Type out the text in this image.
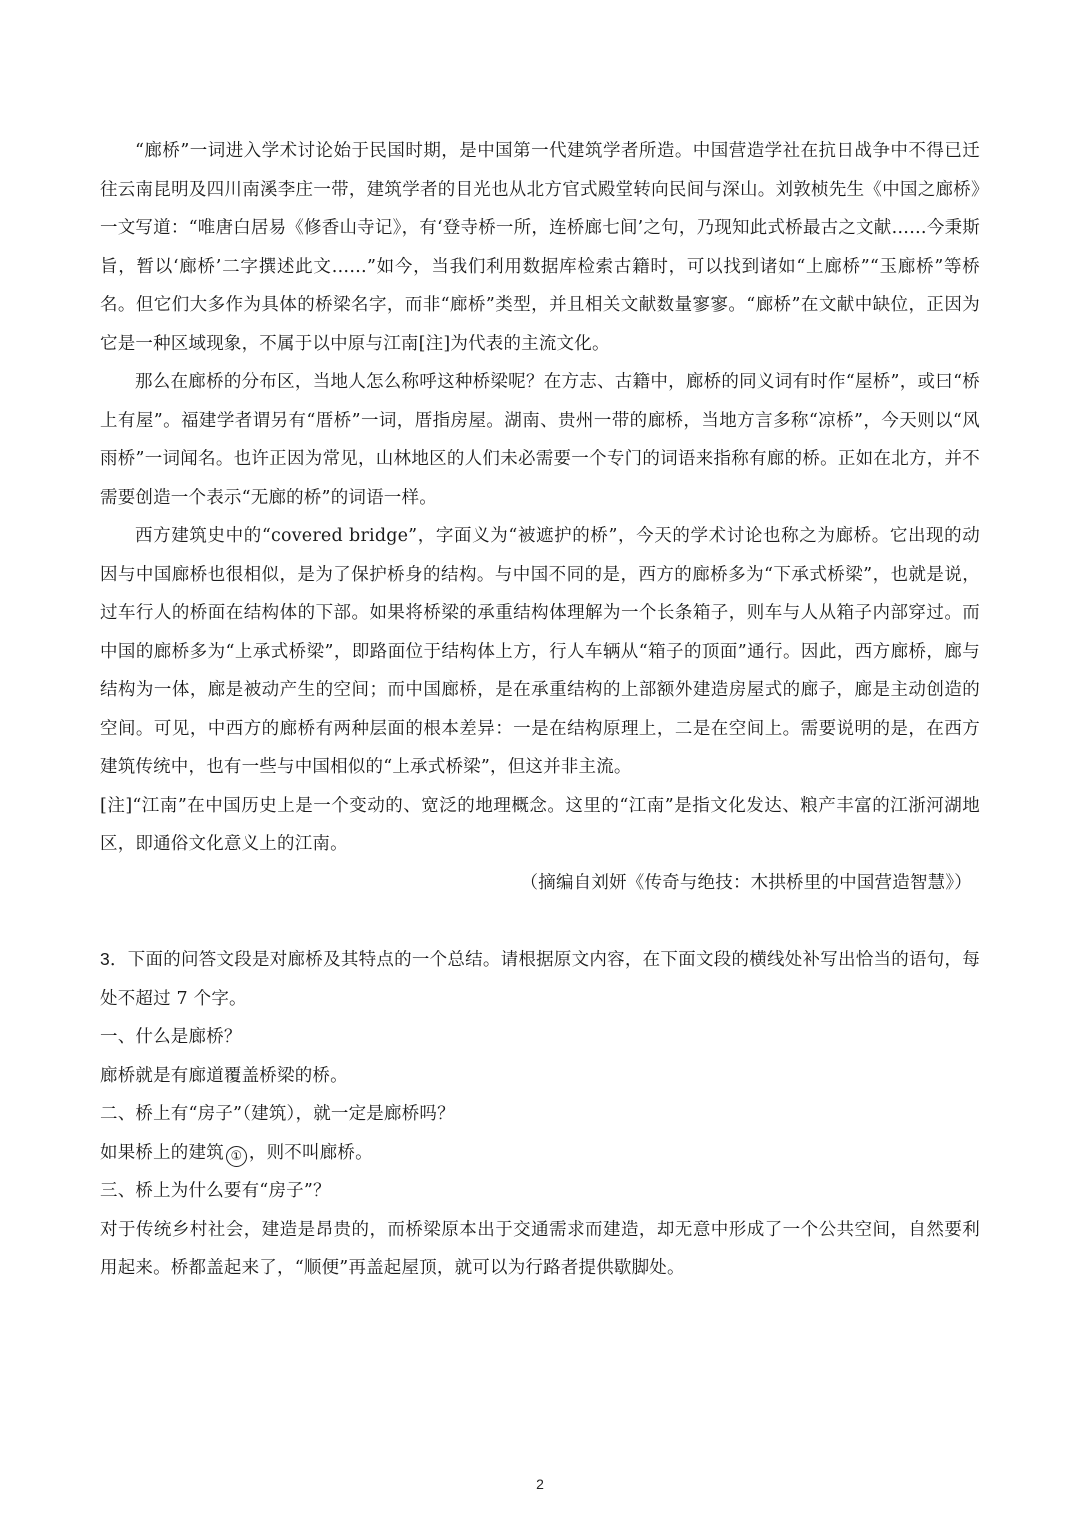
“廊桥”一词进入学术讨论始于民国时期，是中国第一代建筑学者所造。中国营造学社在抗日战争中不得已迁往云南昆明及四川南溪李庄一带，建筑学者的目光也从北方官式殿堂转向民间与深山。刘敦桢先生《中国之廊桥》一文写道：“唯唐白居易《修香山寺记》，有‘登寺桥一所，连桥廊七间’之句，乃现知此式桥最古之文献……今秉斯旨，暂以‘廊桥’二字撰述此文……”如今，当我们利用数据库检索古籍时，可以找到诸如“上廊桥”“玉廊桥”等桥名。但它们大多作为具体的桥梁名字，而非“廊桥”类型，并且相关文献数量寥寥。“廊桥”在文献中缺位，正因为它是一种区域现象，不属于以中原与江南[注]为代表的主流文化。

那么在廊桥的分布区，当地人怎么称呼这种桥梁呢？在方志、古籍中，廊桥的同义词有时作“屋桥”，或曰“桥上有屋”。福建学者谓另有“厝桥”一词，厝指房屋。湖南、贵州一带的廊桥，当地方言多称“凉桥”，今天则以“风雨桥”一词闻名。也许正因为常见，山林地区的人们未必需要一个专门的词语来指称有廊的桥。正如在北方，并不需要创造一个表示“无廊的桥”的词语一样。

西方建筑史中的“covered bridge”，字面义为“被遮护的桥”，今天的学术讨论也称之为廊桥。它出现的动因与中国廊桥也很相似，是为了保护桥身的结构。与中国不同的是，西方的廊桥多为“下承式桥梁”，也就是说，过车行人的桥面在结构体的下部。如果将桥梁的承重结构体理解为一个长条箱子，则车与人从箱子内部穿过。而中国的廊桥多为“上承式桥梁”，即路面位于结构体上方，行人车辆从“箱子的顶面”通行。因此，西方廊桥，廊与结构为一体，廊是被动产生的空间；而中国廊桥，是在承重结构的上部额外建造房屋式的廊子，廊是主动创造的空间。可见，中西方的廊桥有两种层面的根本差异：一是在结构原理上，二是在空间上。需要说明的是，在西方建筑传统中，也有一些与中国相似的“上承式桥梁”，但这并非主流。

[注]“江南”在中国历史上是一个变动的、宽泛的地理概念。这里的“江南”是指文化发达、粮产丰富的江浙河湖地区，即通俗文化意义上的江南。

（摘编自刘妍《传奇与绝技：木拱桥里的中国营造智慧》）

3．下面的问答文段是对廊桥及其特点的一个总结。请根据原文内容，在下面文段的横线处补写出恰当的语句，每处不超过 7 个字。

一、什么是廊桥？

廊桥就是有廊道覆盖桥梁的桥。

二、桥上有“房子”（建筑），就一定是廊桥吗？

如果桥上的建筑 ① ，则不叫廊桥。

三、桥上为什么要有“房子”？

对于传统乡村社会，建造是昂贵的，而桥梁原本出于交通需求而建造，却无意中形成了一个公共空间，自然要利用起来。桥都盖起来了，“顺便”再盖起屋顶，就可以为行路者提供歇脚处。

2
